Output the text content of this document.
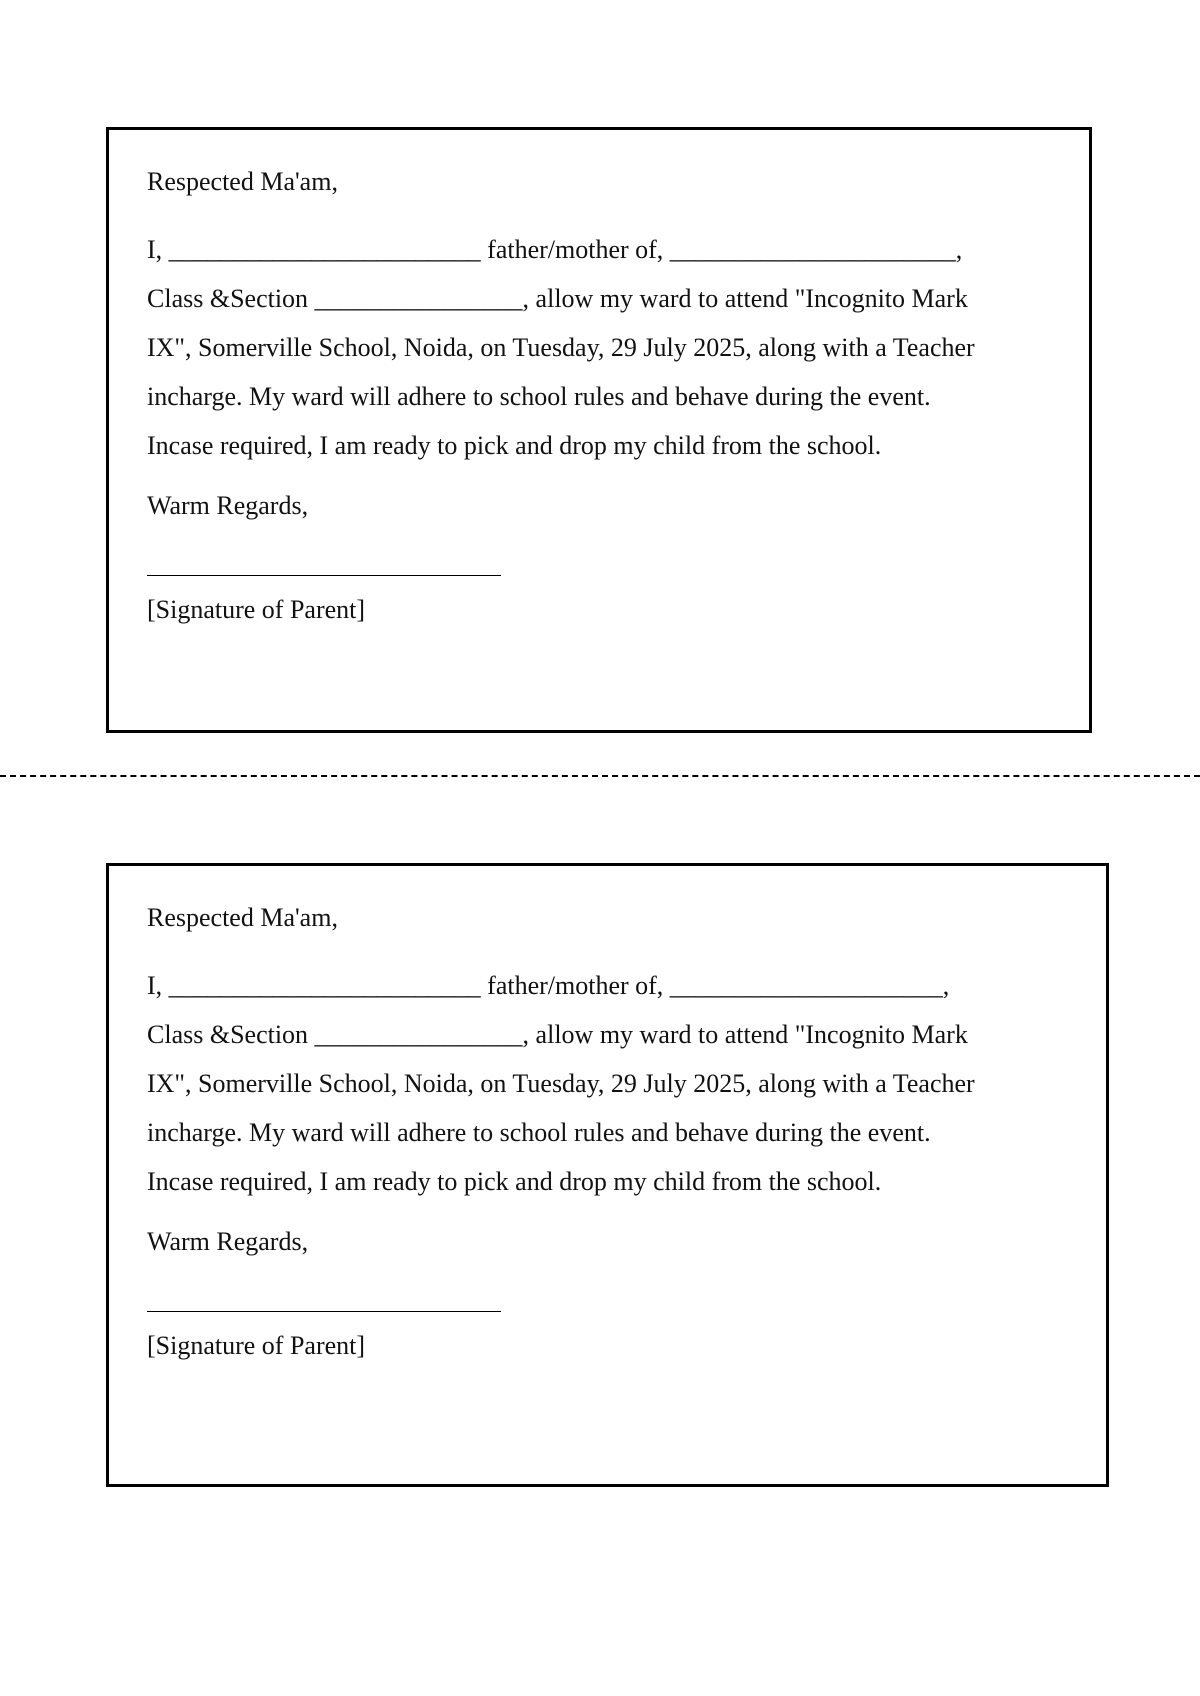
Respected Ma'am,

I, ________________________ father/mother of, ______________________,
Class &Section ________________, allow my ward to attend "Incognito Mark
IX", Somerville School, Noida, on Tuesday, 29 July 2025, along with a Teacher
incharge. My ward will adhere to school rules and behave during the event.
Incase required, I am ready to pick and drop my child from the school.

Warm Regards,

[Signature of Parent]

Respected Ma'am,

I, ________________________ father/mother of, _____________________,
Class &Section ________________, allow my ward to attend "Incognito Mark
IX", Somerville School, Noida, on Tuesday, 29 July 2025, along with a Teacher
incharge. My ward will adhere to school rules and behave during the event.
Incase required, I am ready to pick and drop my child from the school.

Warm Regards,

[Signature of Parent]
